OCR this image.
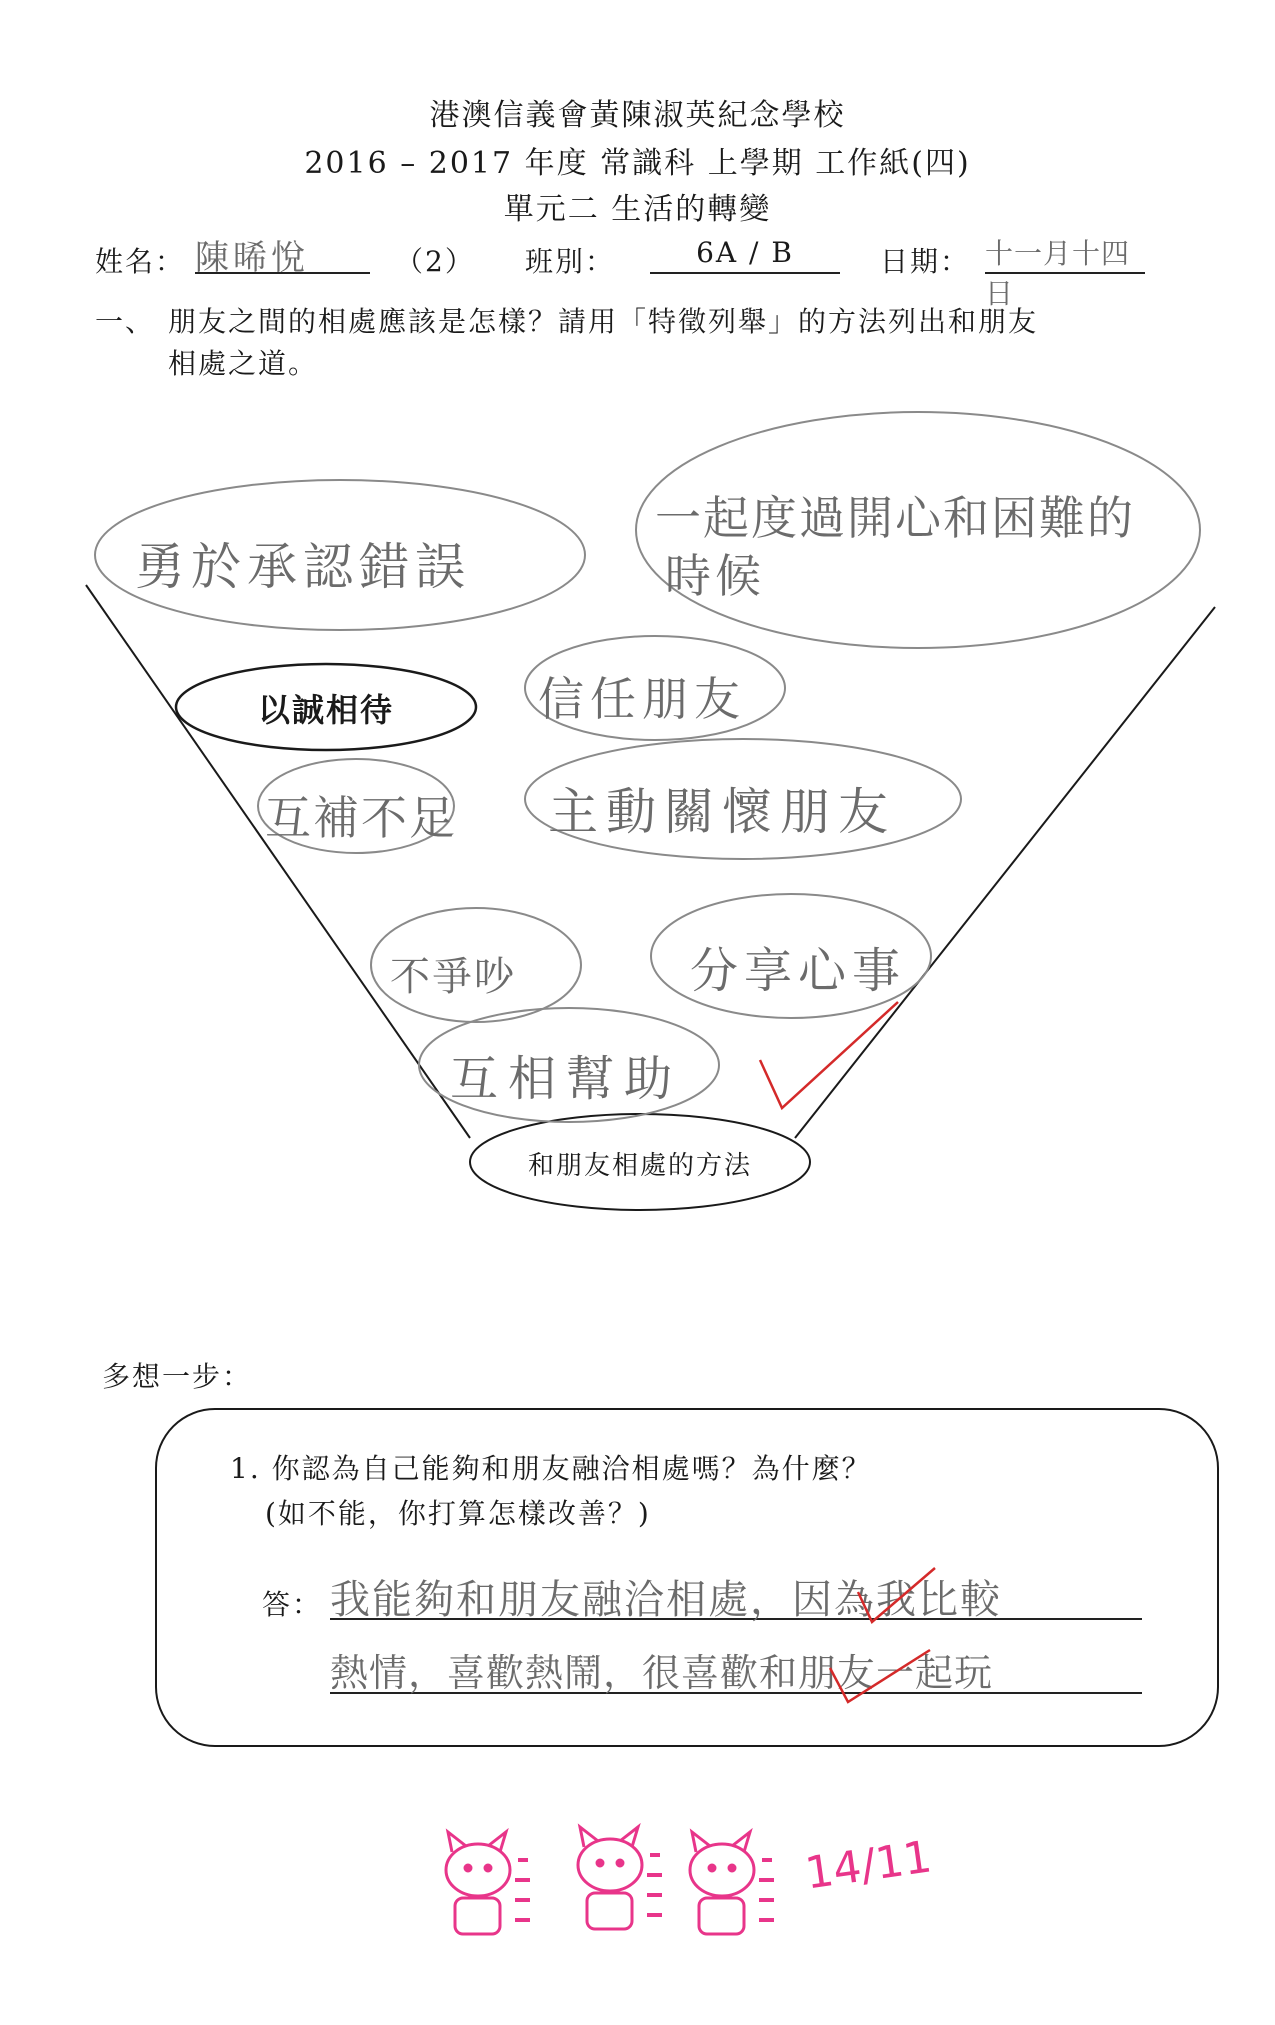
港澳信義會黃陳淑英紀念學校
2016 – 2017 年度 常識科 上學期 工作紙(四)
單元二 生活的轉變
姓名： 陳晞悅	（2） 班別：	6A / B	日期： 十一月十四日
一、 朋友之間的相處應該是怎樣？請用「特徵列舉」的方法列出和朋友
相處之道。
以誠相待
和朋友相處的方法
勇於承認錯誤
一起度過開心和困難的
時候
信任朋友
互補不足 主動關懷朋友
不爭吵	分享心事
互相幫助
多想一步：
1. 你認為自己能夠和朋友融洽相處嗎？為什麼？
(如不能，你打算怎樣改善？)
答： 我能夠和朋友融洽相處，因為我比較
熱情，喜歡熱鬧，很喜歡和朋友一起玩
14/11
